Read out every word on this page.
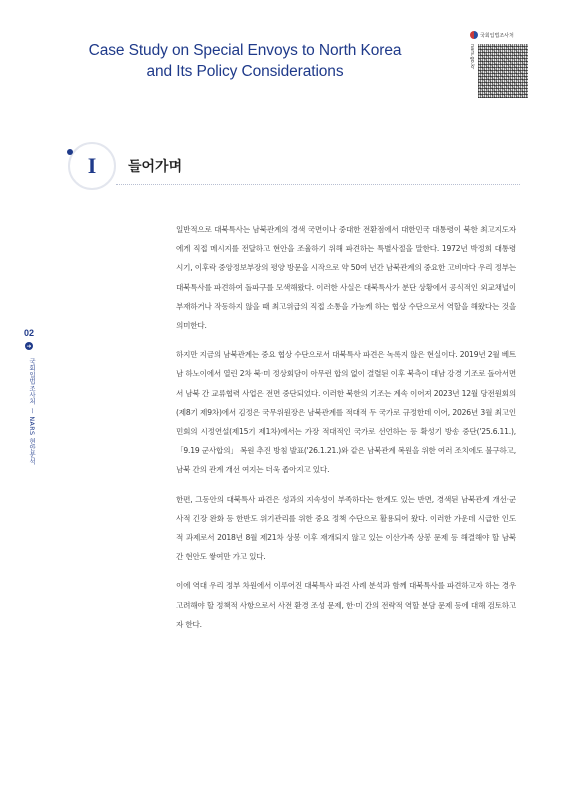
Case Study on Special Envoys to North Korea
and Its Policy Considerations
국회입법조사처
nars.go.kr
I	들어가며
02
➜
국회입법조사처 ー NARS 현안분석

일반적으로 대북특사는 남북관계의 경색 국면이나 중대한 전환점에서 대한민국 대통령이 북한 최고지도자에게 직접 메시지를 전달하고 현안을 조율하기 위해 파견하는 특별사절을 말한다. 1972년 박정희 대통령 시기, 이후락 중앙정보부장의 평양 방문을 시작으로 약 50여 년간 남북관계의 중요한 고비마다 우리 정부는 대북특사를 파견하여 돌파구를 모색해왔다. 이러한 사실은 대북특사가 분단 상황에서 공식적인 외교채널이 부재하거나 작동하지 않을 때 최고위급의 직접 소통을 가능케 하는 협상 수단으로서 역할을 해왔다는 것을 의미한다.

하지만 지금의 남북관계는 중요 협상 수단으로서 대북특사 파견은 녹록지 않은 현실이다. 2019년 2월 베트남 하노이에서 열린 2차 북·미 정상회담이 아무런 합의 없이 결렬된 이후 북측이 대남 강경 기조로 돌아서면서 남북 간 교류협력 사업은 전면 중단되었다. 이러한 북한의 기조는 계속 이어져 2023년 12월 당전원회의(제8기 제9차)에서 김정은 국무위원장은 남북관계를 적대적 두 국가로 규정한데 이어, 2026년 3월 최고인민회의 시정연설(제15기 제1차)에서는 가장 적대적인 국가로 선언하는 등 확성기 방송 중단('25.6.11.), 「9.19 군사합의」 복원 추진 방침 발표('26.1.21.)와 같은 남북관계 복원을 위한 여러 조치에도 불구하고, 남북 간의 관계 개선 여지는 더욱 좁아지고 있다.

한편, 그동안의 대북특사 파견은 성과의 지속성이 부족하다는 한계도 있는 반면, 경색된 남북관계 개선·군사적 긴장 완화 등 한반도 위기관리를 위한 중요 정책 수단으로 활용되어 왔다. 이러한 가운데 시급한 인도적 과제로서 2018년 8월 제21차 상봉 이후 재개되지 않고 있는 이산가족 상봉 문제 등 해결해야 할 남북 간 현안도 쌓여만 가고 있다.

이에 역대 우리 정부 차원에서 이루어진 대북특사 파견 사례 분석과 함께 대북특사를 파견하고자 하는 경우 고려해야 할 정책적 사항으로서 사전 환경 조성 문제, 한·미 간의 전략적 역할 분담 문제 등에 대해 검토하고자 한다.
